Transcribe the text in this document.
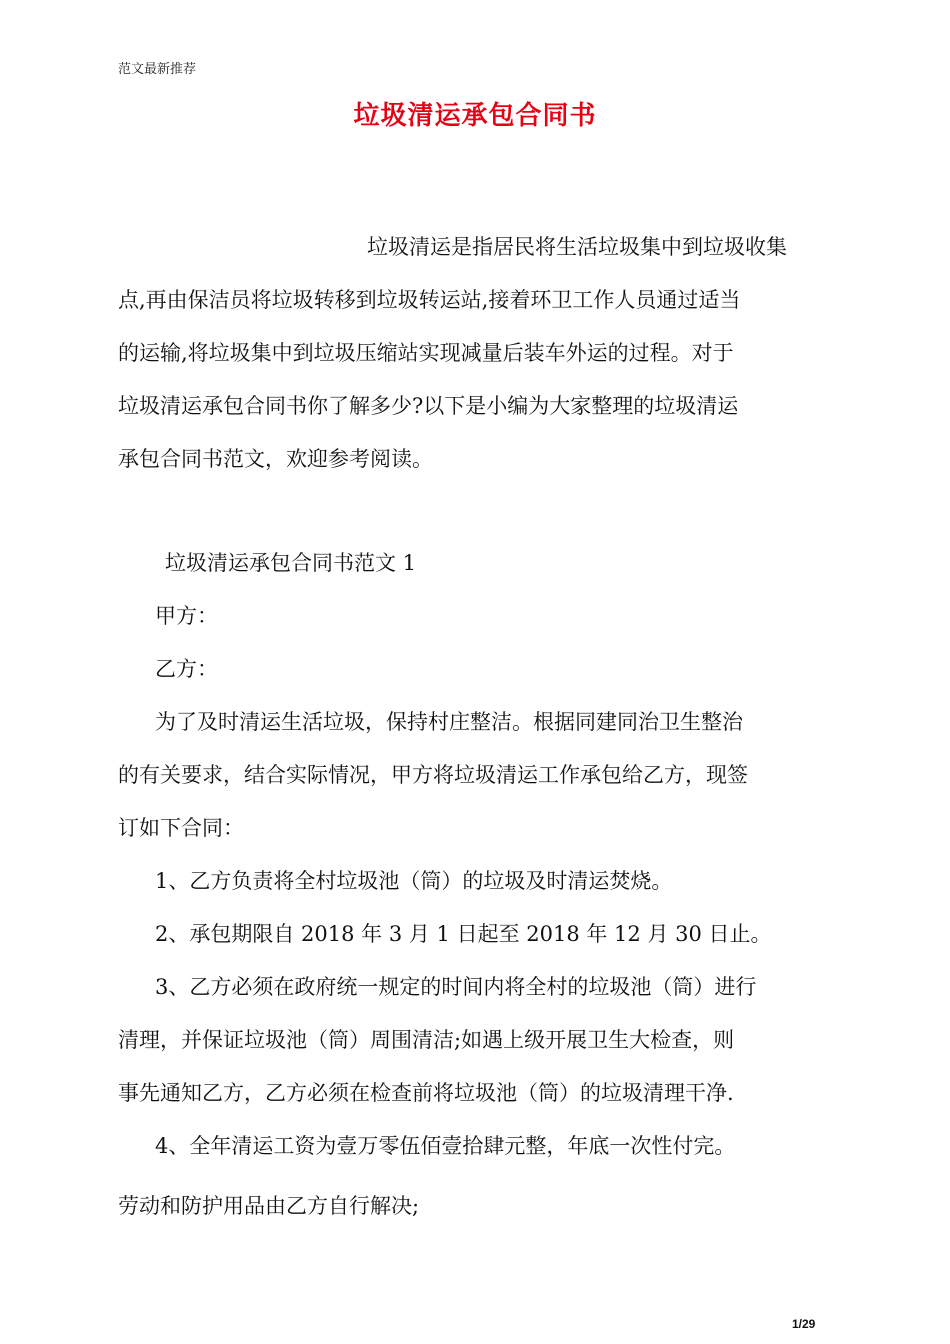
范文最新推荐
垃圾清运承包合同书
垃圾清运是指居民将生活垃圾集中到垃圾收集
点,再由保洁员将垃圾转移到垃圾转运站,接着环卫工作人员通过适当
的运输,将垃圾集中到垃圾压缩站实现减量后装车外运的过程。对于
垃圾清运承包合同书你了解多少?以下是小编为大家整理的垃圾清运
承包合同书范文，欢迎参考阅读。
垃圾清运承包合同书范文 1
甲方：
乙方：
为了及时清运生活垃圾，保持村庄整洁。根据同建同治卫生整治
的有关要求，结合实际情况，甲方将垃圾清运工作承包给乙方，现签
订如下合同：
1、乙方负责将全村垃圾池（筒）的垃圾及时清运焚烧。
2、承包期限自 2018 年 3 月 1 日起至 2018 年 12 月 30 日止。
3、乙方必须在政府统一规定的时间内将全村的垃圾池（筒）进行
清理，并保证垃圾池（筒）周围清洁;如遇上级开展卫生大检查，则
事先通知乙方，乙方必须在检查前将垃圾池（筒）的垃圾清理干净.
4、全年清运工资为壹万零伍佰壹拾肆元整，年底一次性付完。
劳动和防护用品由乙方自行解决;
1/29
